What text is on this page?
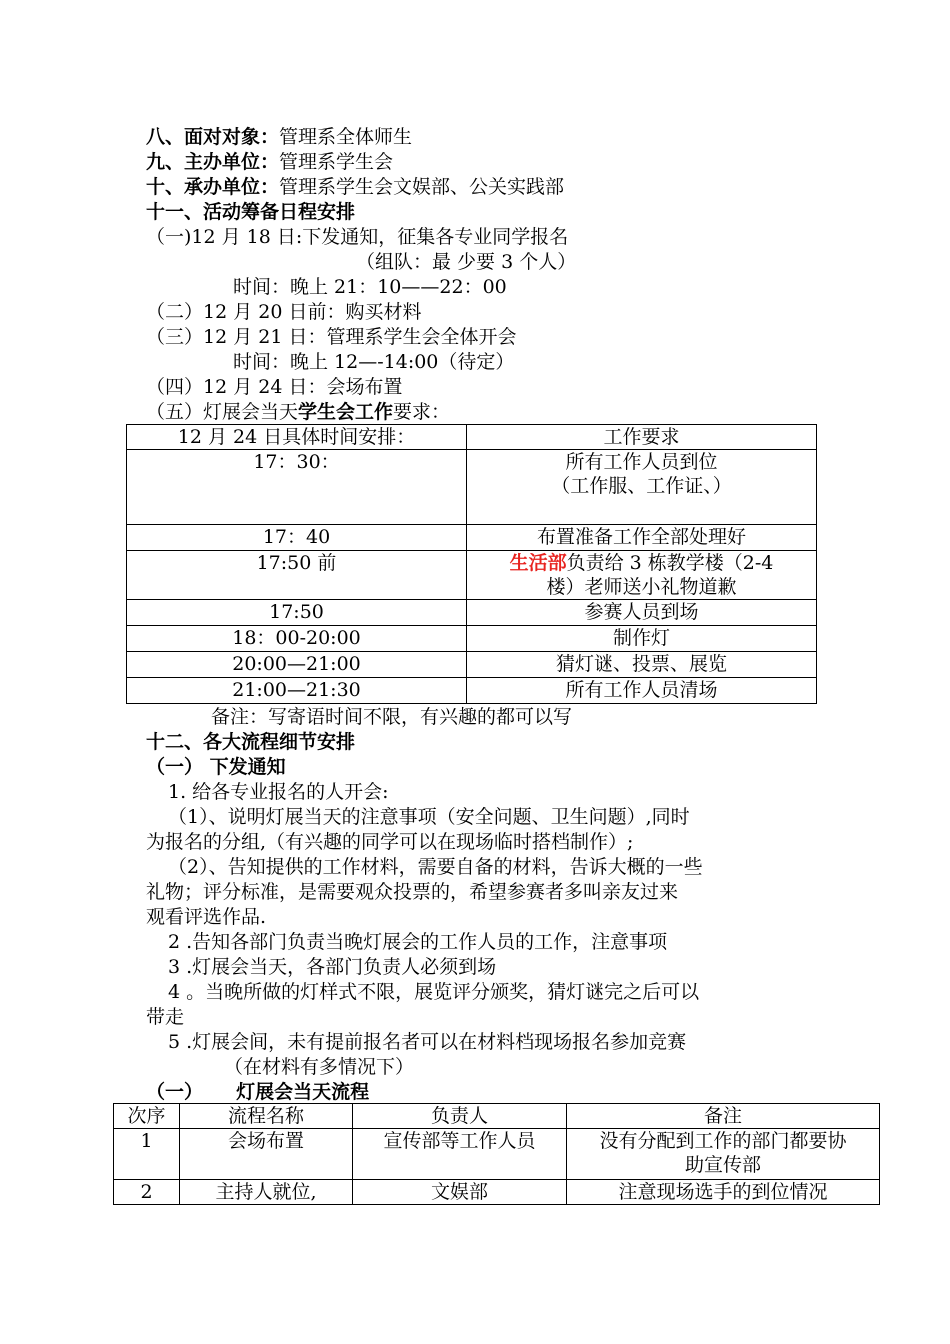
八、面对对象：管理系全体师生
九、主办单位：管理系学生会
十、承办单位：管理系学生会文娱部、公关实践部
十一、活动筹备日程安排
（一)12 月 18 日:下发通知，征集各专业同学报名
（组队：最 少要 3 个人）
时间：晚上 21：10——22：00
（二）12 月 20 日前：购买材料
（三）12 月 21 日：管理系学生会全体开会
时间：晚上 12—-14:00（待定）
（四）12 月 24 日：会场布置
（五）灯展会当天学生会工作要求：
12 月 24 日具体时间安排：	工作要求
17：30：	所有工作人员到位
（工作服、工作证、）

17：40	布置准备工作全部处理好
17:50 前	生活部负责给 3 栋教学楼（2-4
楼）老师送小礼物道歉

17:50	参赛人员到场
18：00-20:00	制作灯
20:00—21:00	猜灯谜、投票、展览
21:00—21:30	所有工作人员清场
备注：写寄语时间不限，有兴趣的都可以写
十二、各大流程细节安排
（一） 下发通知
1. 给各专业报名的人开会:
（1）、说明灯展当天的注意事项（安全问题、卫生问题）,同时
为报名的分组,（有兴趣的同学可以在现场临时搭档制作）;
（2）、告知提供的工作材料，需要自备的材料，告诉大概的一些
礼物；评分标准，是需要观众投票的，希望参赛者多叫亲友过来
观看评选作品.
2 .告知各部门负责当晚灯展会的工作人员的工作，注意事项
3 .灯展会当天，各部门负责人必须到场
4 。当晚所做的灯样式不限，展览评分颁奖，猜灯谜完之后可以
带走
5 .灯展会间，未有提前报名者可以在材料档现场报名参加竞赛
（在材料有多情况下）
（一）     灯展会当天流程
次序	流程名称	负责人	备注
1	会场布置	宣传部等工作人员	没有分配到工作的部门都要协
助宣传部

2	主持人就位,	文娱部	注意现场选手的到位情况
